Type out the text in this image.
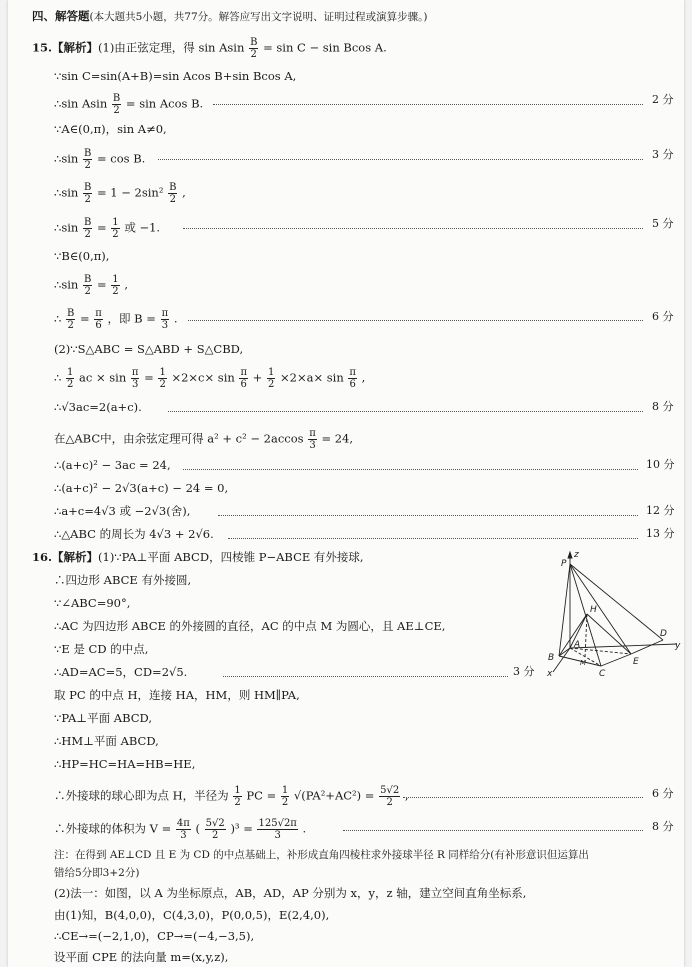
四、解答题(本大题共5小题，共77分。解答应写出文字说明、证明过程或演算步骤。)
15.【解析】(1)由正弦定理，得 sin Asin $\frac{B}{2} = \sin C - \sin Bcos$ A.
∵sin C=sin(A+B)=sin Acos B+sin Bcos A,
∴sin Asin $\frac{B}{2} = \sin Acos$ B.	2 分
∵A∈(0,π)，sin A≠0,
∴sin $\frac{B}{2} = \cos B$.	3 分
∴sin $\frac{B}{2} = 1 - 2\sin^2 \frac{B}{2}$ ,
∴sin $\frac{B}{2} = \frac{1}{2}$ 或 −1.	5 分
∵B∈(0,π),
∴sin $\frac{B}{2} = \frac{1}{2}$ ,
∴ $\frac{B}{2} = \frac{\pi}{6}$ ，即 $B = \frac{\pi}{3}$ .	6 分
(2)∵S△ABC = S△ABD + S△CBD,
∴ $\frac{1}{2}$ ac × $\sin \frac{\pi}{3} = \frac{1}{2} \times 2\times c\times \sin \frac{\pi}{6} + \frac{1}{2} \times 2\times a\times \sin \frac{\pi}{6}$ ,
∴√3ac=2(a+c).	8 分
在△ABC中，由余弦定理可得 $a^2 + c^2 - 2accos \frac{\pi}{3} = 24$,
∴(a+c)² − 3ac = 24,	10 分
∴(a+c)² − 2√3(a+c) − 24 = 0,
∴a+c=4√3 或 −2√3(舍),	12 分
∴△ABC 的周长为 4√3 + 2√6.	13 分
16.【解析】(1)∵PA⊥平面 ABCD，四棱锥 P−ABCE 有外接球,
∴四边形 ABCE 有外接圆,
∵∠ABC=90°,
∴AC 为四边形 ABCE 的外接圆的直径，AC 的中点 M 为圆心，且 AE⊥CE,
∵E 是 CD 的中点,
∴AD=AC=5，CD=2√5.	3 分
取 PC 的中点 H，连接 HA，HM，则 HM∥PA,
∵PA⊥平面 ABCD,
∴HM⊥平面 ABCD,
∴HP=HC=HA=HB=HE,
∴外接球的球心即为点 H，半径为 $\frac{1}{2}$ PC = $\frac{1}{2} √(PA^2+AC^2) = \frac{5√2}{2}$ ,	6 分
∴外接球的体积为 $V = \frac{4\pi}{3}$ ( $\frac{5√2}{2} )^3 = \frac{125√2\pi}{3}$ .	8 分
注：在得到 AE⊥CD 且 E 为 CD 的中点基础上，补形成直角四棱柱求外接球半径 R 同样给分(有补形意识但运算出
错给5分即3+2分)
(2)法一：如图，以 A 为坐标原点，AB，AD，AP 分别为 x，y，z 轴，建立空间直角坐标系,
由(1)知，B(4,0,0)，C(4,3,0)，P(0,0,5)，E(2,4,0),
∴CE→=(−2,1,0)，CP→=(−4,−3,5),
设平面 CPE 的法向量 m=(x,y,z),
P
z
H
D
y
B
A
M	E
C
x
